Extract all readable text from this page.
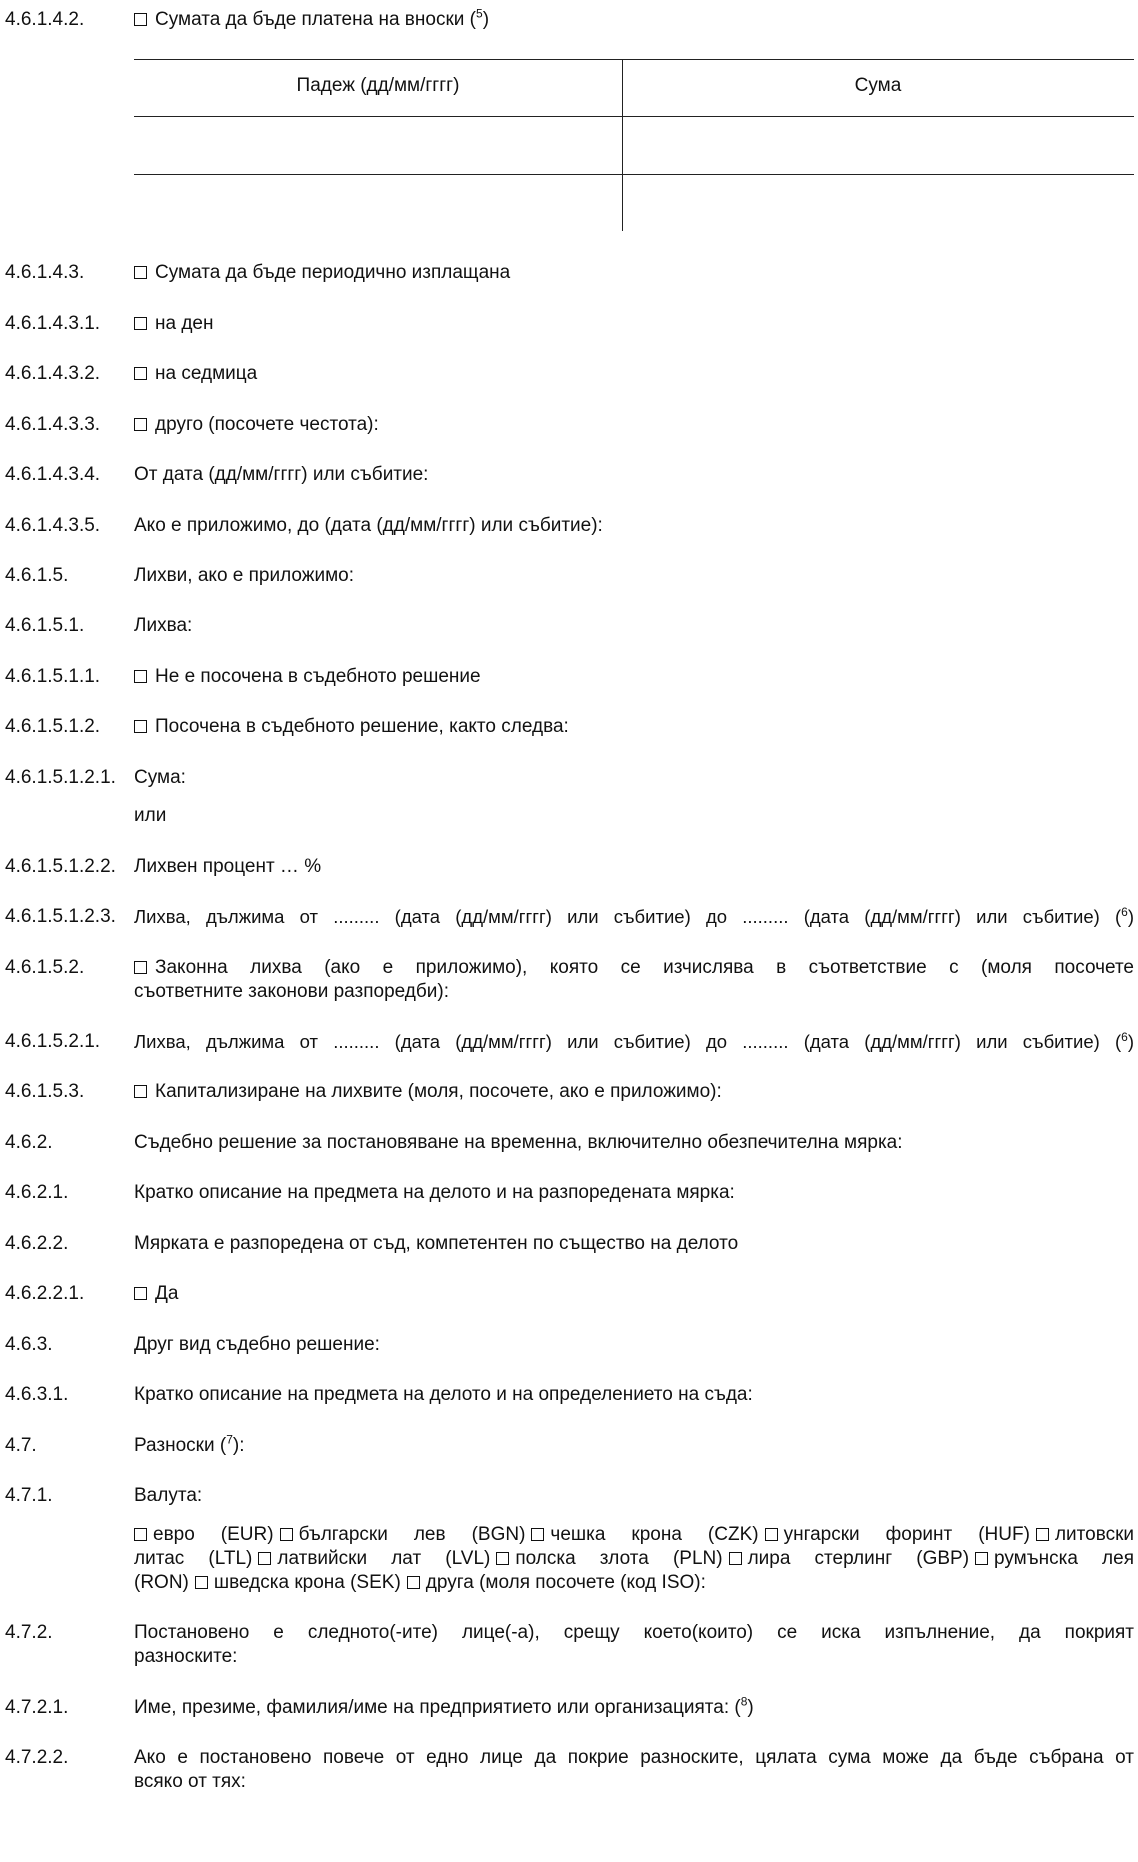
4.6.1.4.2.	Сумата да бъде платена на вноски ($^5$)
Падеж (дд/мм/гггг)	Сума
4.6.1.4.3.	Сумата да бъде периодично изплащана
4.6.1.4.3.1.	на ден
4.6.1.4.3.2.	на седмица
4.6.1.4.3.3.	друго (посочете честота):
4.6.1.4.3.4. От дата (дд/мм/гггг) или събитие:
4.6.1.4.3.5. Ако е приложимо, до (дата (дд/мм/гггг) или събитие):
4.6.1.5.	Лихви, ако е приложимо:
4.6.1.5.1.	Лихва:
4.6.1.5.1.1.	Не е посочена в съдебното решение
4.6.1.5.1.2.	Посочена в съдебното решение, както следва:
4.6.1.5.1.2.1. Сума:
или
4.6.1.5.1.2.2. Лихвен процент … %
4.6.1.5.1.2.3. Лихва, дължима от ......... (дата (дд/мм/гггг) или събитие) до ......... (дата (дд/мм/гггг) или събитие) ($^6$)
4.6.1.5.2.	Законна лихва (ако е приложимо), която се изчислява в съответствие с (моля посочете
съответните законови разпоредби):
4.6.1.5.2.1. Лихва, дължима от ......... (дата (дд/мм/гггг) или събитие) до ......... (дата (дд/мм/гггг) или събитие) ($^6$)
4.6.1.5.3.	Капитализиране на лихвите (моля, посочете, ако е приложимо):
4.6.2.	Съдебно решение за постановяване на временна, включително обезпечителна мярка:
4.6.2.1.	Кратко описание на предмета на делото и на разпоредената мярка:
4.6.2.2.	Мярката е разпоредена от съд, компетентен по същество на делото
4.6.2.2.1.	Да
4.6.3.	Друг вид съдебно решение:
4.6.3.1.	Кратко описание на предмета на делото и на определението на съда:
4.7.	Разноски ($^7$):
4.7.1.	Валута:
евро (EUR) български лев (BGN) чешка крона (CZK) унгарски форинт (HUF) литовски
литас (LTL) латвийски лат (LVL) полска злота (PLN) лира стерлинг (GBP) румънска лея
(RON) шведска крона (SEK) друга (моля посочете (код ISO):
4.7.2.	Постановено е следното(-ите) лице(-а), срещу което(които) се иска изпълнение, да покрият
разноските:
4.7.2.1.	Име, презиме, фамилия/име на предприятието или организацията: ($^8$)
4.7.2.2.	Ако е постановено повече от едно лице да покрие разноските, цялата сума може да бъде събрана от
всяко от тях:
